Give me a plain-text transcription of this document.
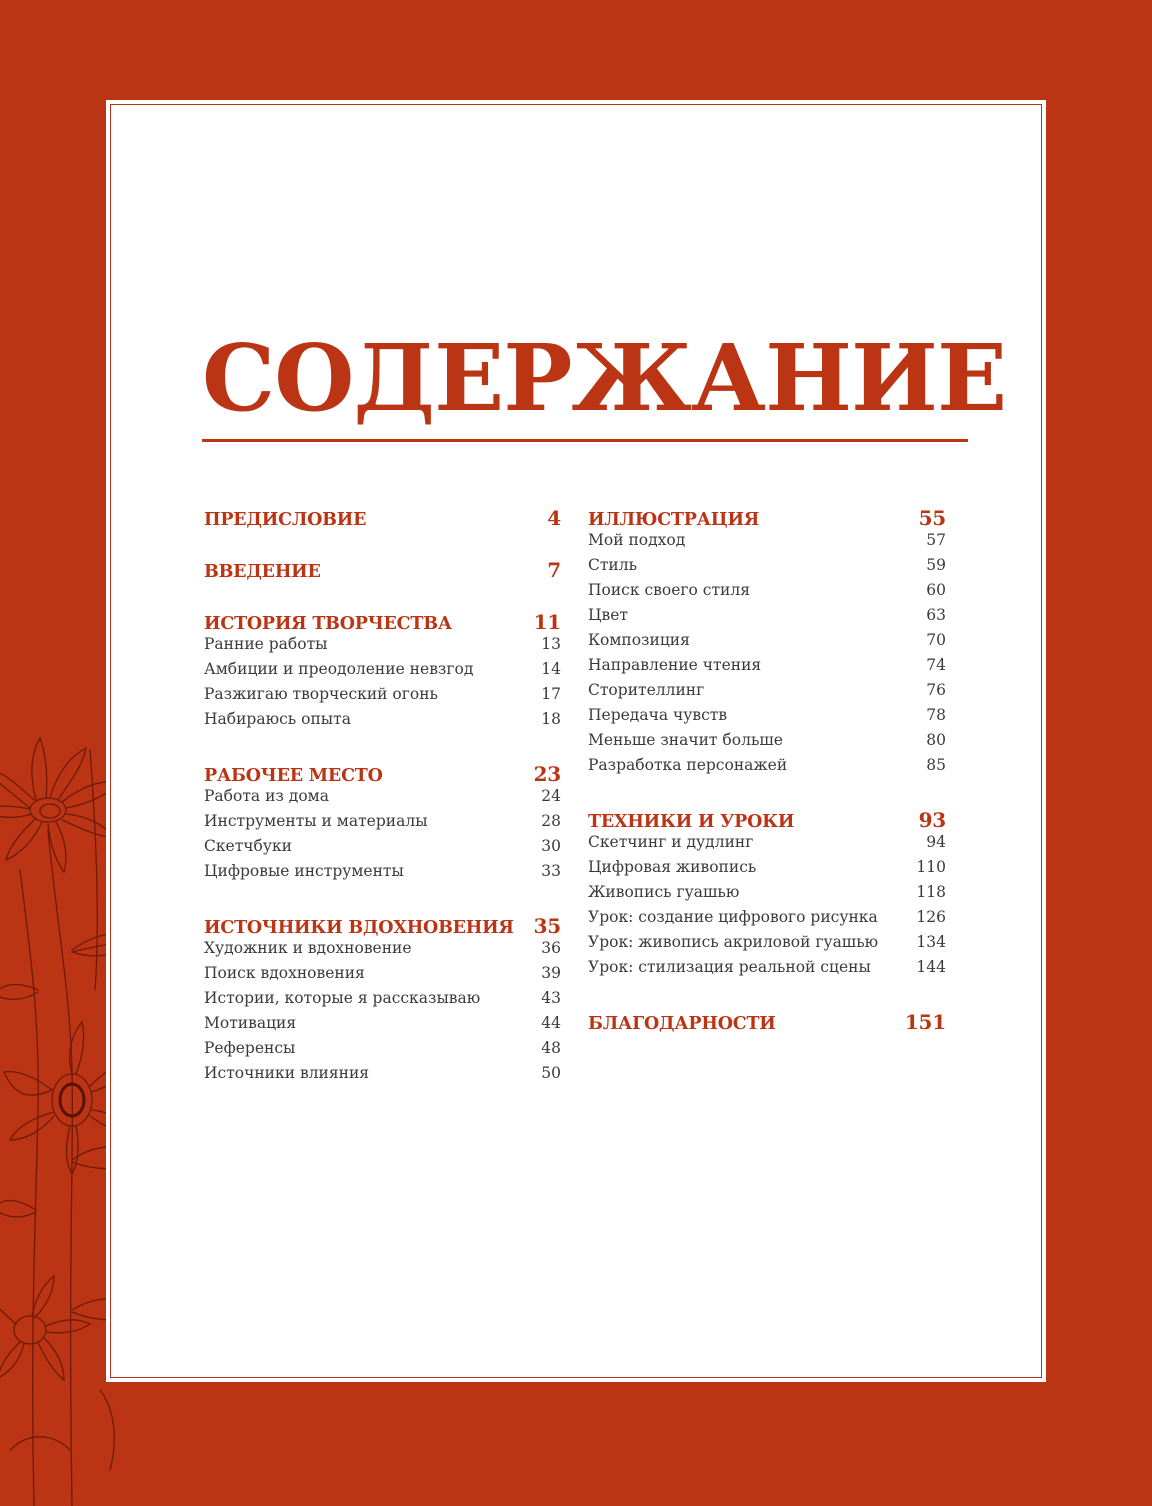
СОДЕРЖАНИЕ
ПРЕДИСЛОВИЕ	4
ВВЕДЕНИЕ	7
ИСТОРИЯ ТВОРЧЕСТВА	11
Ранние работы	13
Амбиции и преодоление невзгод	14
Разжигаю творческий огонь	17
Набираюсь опыта	18
РАБОЧЕЕ МЕСТО	23
Работа из дома	24
Инструменты и материалы	28
Скетчбуки	30
Цифровые инструменты	33
ИСТОЧНИКИ ВДОХНОВЕНИЯ 35
Художник и вдохновение	36
Поиск вдохновения	39
Истории, которые я рассказываю	43
Мотивация	44
Референсы	48
Источники влияния	50
ИЛЛЮСТРАЦИЯ	55
Мой подход	57
Стиль	59
Поиск своего стиля	60
Цвет	63
Композиция	70
Направление чтения	74
Сторителлинг	76
Передача чувств	78
Меньше значит больше	80
Разработка персонажей	85
ТЕХНИКИ И УРОКИ	93
Скетчинг и дудлинг	94
Цифровая живопись	110
Живопись гуашью	118
Урок: создание цифрового рисунка 126
Урок: живопись акриловой гуашью 134
Урок: стилизация реальной сцены	144
БЛАГОДАРНОСТИ	151
